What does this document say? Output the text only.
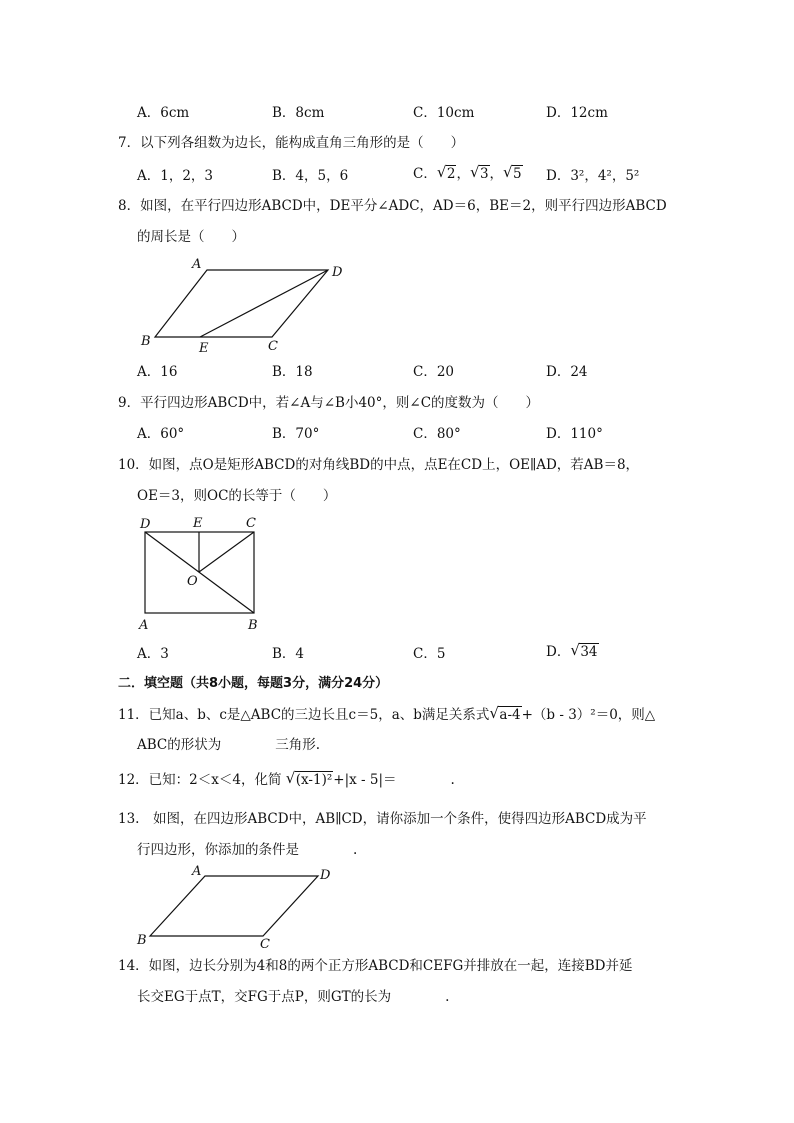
A．6cm	B．8cm	C．10cm	D．12cm
7．以下列各组数为边长，能构成直角三角形的是（　　）
A．1，2，3	B．4，5，6	C． √ 2， √ 3， √ 5 D．3²，4²，5²
8．如图，在平行四边形ABCD中，DE平分∠ADC，AD＝6，BE＝2，则平行四边形ABCD
的周长是（　　）
A
D
B	E	C
A．16	B．18	C．20	D．24
9．平行四边形ABCD中，若∠A与∠B小40°，则∠C的度数为（　　）
A．60°	B．70°	C．80°	D．110°
10．如图，点O是矩形ABCD的对角线BD的中点，点E在CD上，OE∥AD，若AB＝8，
OE＝3，则OC的长等于（　　）
D	E	C
O
A	B
A．3	B．4	C．5	D． √ 34
二．填空题（共8小题，每题3分，满分24分）
11．已知a、b、c是△ABC的三边长且c＝5，a、b满足关系式 √ a-4+（b - 3）²＝0，则△
ABC的形状为　　　　三角形.
12．已知：2＜x＜4，化简 √ (x-1)²+|x - 5|＝　　　　.
13.　如图，在四边形ABCD中，AB∥CD，请你添加一个条件，使得四边形ABCD成为平
行四边形，你添加的条件是　　　　.
A	D
B	C
14．如图，边长分别为4和8的两个正方形ABCD和CEFG并排放在一起，连接BD并延
长交EG于点T，交FG于点P，则GT的长为　　　　.
